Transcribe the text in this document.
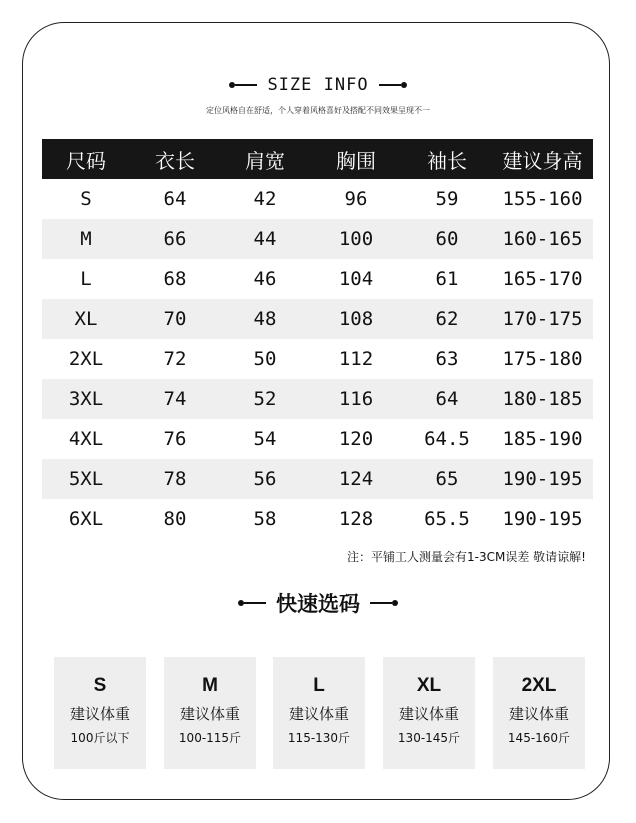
SIZE INFO
定位风格自在舒适，个人穿着风格喜好及搭配不同效果呈现不一
尺码	衣长	肩宽	胸围	袖长	建议身高
S	64	42	96	59	155-160
M	66	44	100	60	160-165
L	68	46	104	61	165-170
XL	70	48	108	62	170-175
2XL	72	50	112	63	175-180
3XL	74	52	116	64	180-185
4XL	76	54	120	64.5	185-190
5XL	78	56	124	65	190-195
6XL	80	58	128	65.5	190-195
注：平铺工人测量会有1-3CM误差 敬请谅解!
快速选码
S
建议体重
100斤以下
M
建议体重
100-115斤
L
建议体重
115-130斤
XL
建议体重
130-145斤
2XL
建议体重
145-160斤
